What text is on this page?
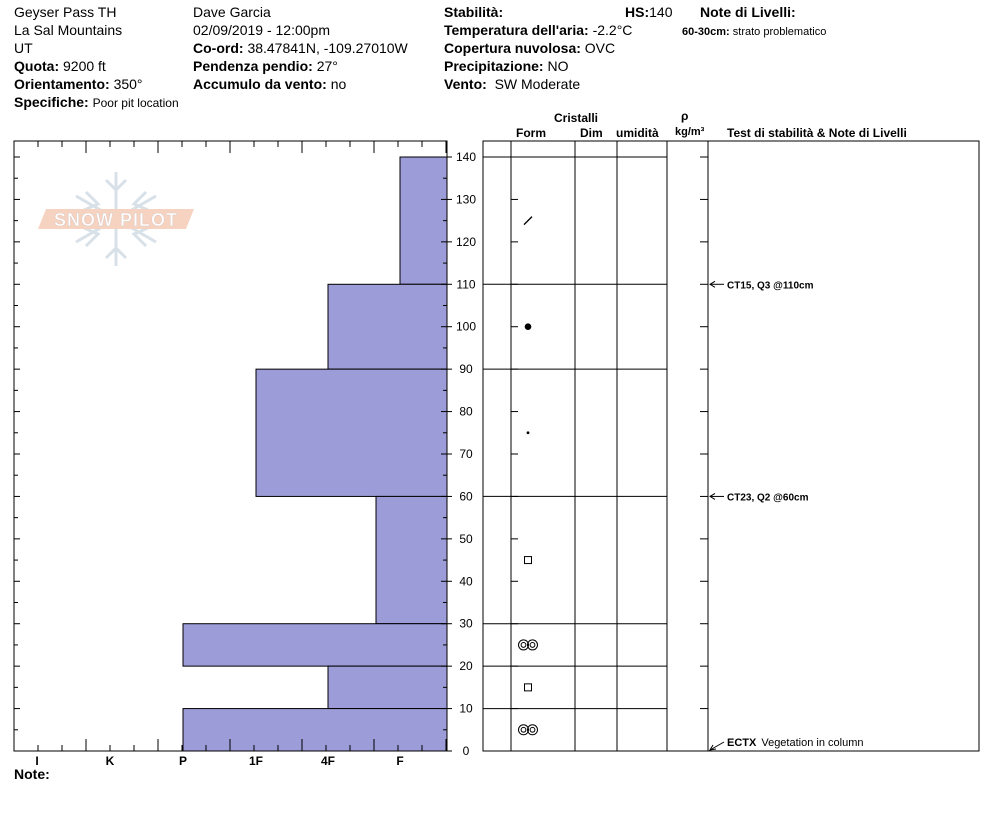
Geyser Pass TH
La Sal Mountains
UT
Quota: 9200 ft
Orientamento: 350°
Specifiche: Poor pit location
Dave Garcia
02/09/2019 - 12:00pm
Co-ord: 38.47841N, -109.27010W
Pendenza pendio: 27°
Accumulo da vento: no
Stabilità:	HS:140
Temperatura dell'aria: -2.2°C
Copertura nuvolosa: OVC
Precipitazione: NO
Vento: SW Moderate
Note di Livelli:
60-30cm: strato problematico
Cristalli
Form	Dim umidità
ρ
kg/m³ Test di stabilità & Note di Livelli
SNOW PILOT
0
10
20
30
40
50
60
70
80
90
100
110
120
130
140
I	K	P	1F	4F	F
CT15, Q3 @110cm
CT23, Q2 @60cm
ECTX Vegetation in column
Note:
